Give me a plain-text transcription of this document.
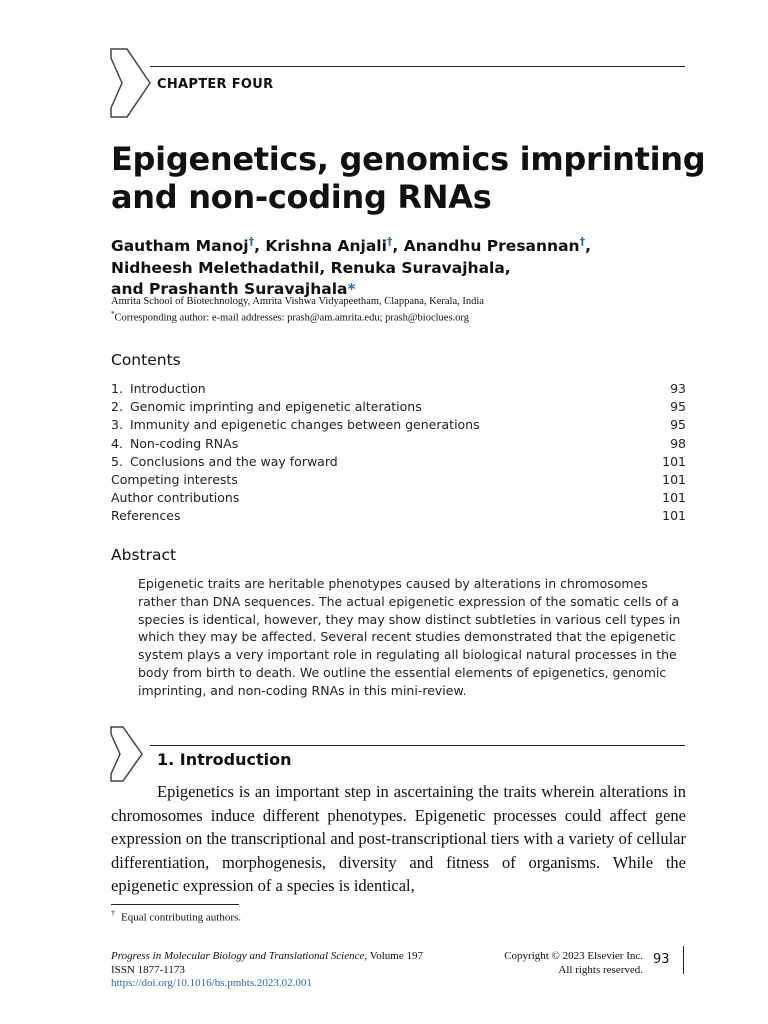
CHAPTER FOUR
Epigenetics, genomics imprinting and non-coding RNAs
Gautham Manoj†, Krishna Anjali†, Anandhu Presannan†,
Nidheesh Melethadathil, Renuka Suravajhala,
and Prashanth Suravajhala*
Amrita School of Biotechnology, Amrita Vishwa Vidyapeetham, Clappana, Kerala, India
*Corresponding author: e-mail addresses: prash@am.amrita.edu; prash@bioclues.org
Contents
1. Introduction	93
2. Genomic imprinting and epigenetic alterations	95
3. Immunity and epigenetic changes between generations	95
4. Non-coding RNAs	98
5. Conclusions and the way forward	101
Competing interests	101
Author contributions	101
References	101
Abstract
Epigenetic traits are heritable phenotypes caused by alterations in chromosomes rather than DNA sequences. The actual epigenetic expression of the somatic cells of a species is identical, however, they may show distinct subtleties in various cell types in which they may be affected. Several recent studies demonstrated that the epigenetic system plays a very important role in regulating all biological natural processes in the body from birth to death. We outline the essential elements of epigenetics, genomic imprinting, and non-coding RNAs in this mini-review.
1. Introduction
Epigenetics is an important step in ascertaining the traits wherein alterations in chromosomes induce different phenotypes. Epigenetic processes could affect gene expression on the transcriptional and post-transcriptional tiers with a variety of cellular differentiation, morphogenesis, diversity and fitness of organisms. While the epigenetic expression of a species is identical,
† Equal contributing authors.
Progress in Molecular Biology and Translational Science, Volume 197
ISSN 1877-1173
https://doi.org/10.1016/bs.pmbts.2023.02.001
Copyright © 2023 Elsevier Inc.
All rights reserved.
93
